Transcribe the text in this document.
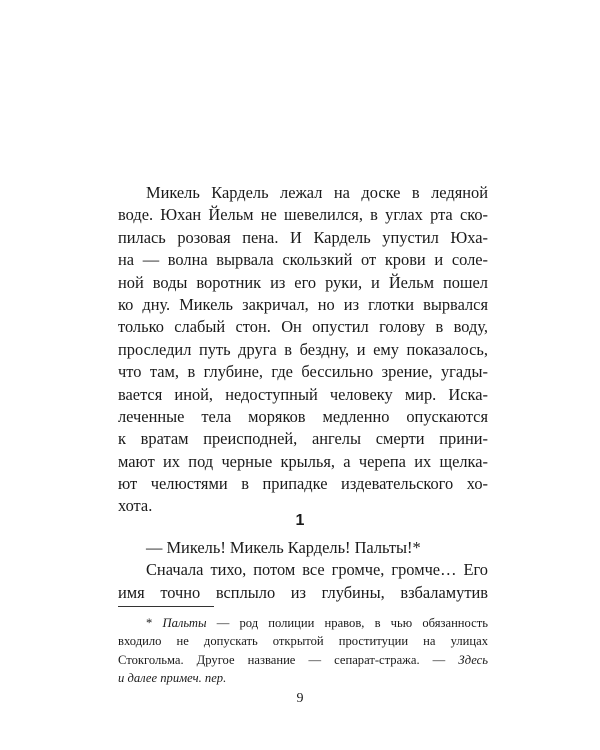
Микель Кардель лежал на доске в ледяной
воде. Юхан Йельм не шевелился, в углах рта ско-
пилась розовая пена. И Кардель упустил Юха-
на — волна вырвала скользкий от крови и соле-
ной воды воротник из его руки, и Йельм пошел
ко дну. Микель закричал, но из глотки вырвался
только слабый стон. Он опустил голову в воду,
проследил путь друга в бездну, и ему показалось,
что там, в глубине, где бессильно зрение, угады-
вается иной, недоступный человеку мир. Иска-
леченные тела моряков медленно опускаются
к вратам преисподней, ангелы смерти прини-
мают их под черные крылья, а черепа их щелка-
ют челюстями в припадке издевательского хо-
хота.
1
— Микель! Микель Кардель! Пальты!*
Сначала тихо, потом все громче, громче… Его
имя точно всплыло из глубины, взбаламутив
* Пальты — род полиции нравов, в чью обязанность
входило не допускать открытой проституции на улицах
Стокгольма. Другое название — сепарат-стража. — Здесь
и далее примеч. пер.
9
